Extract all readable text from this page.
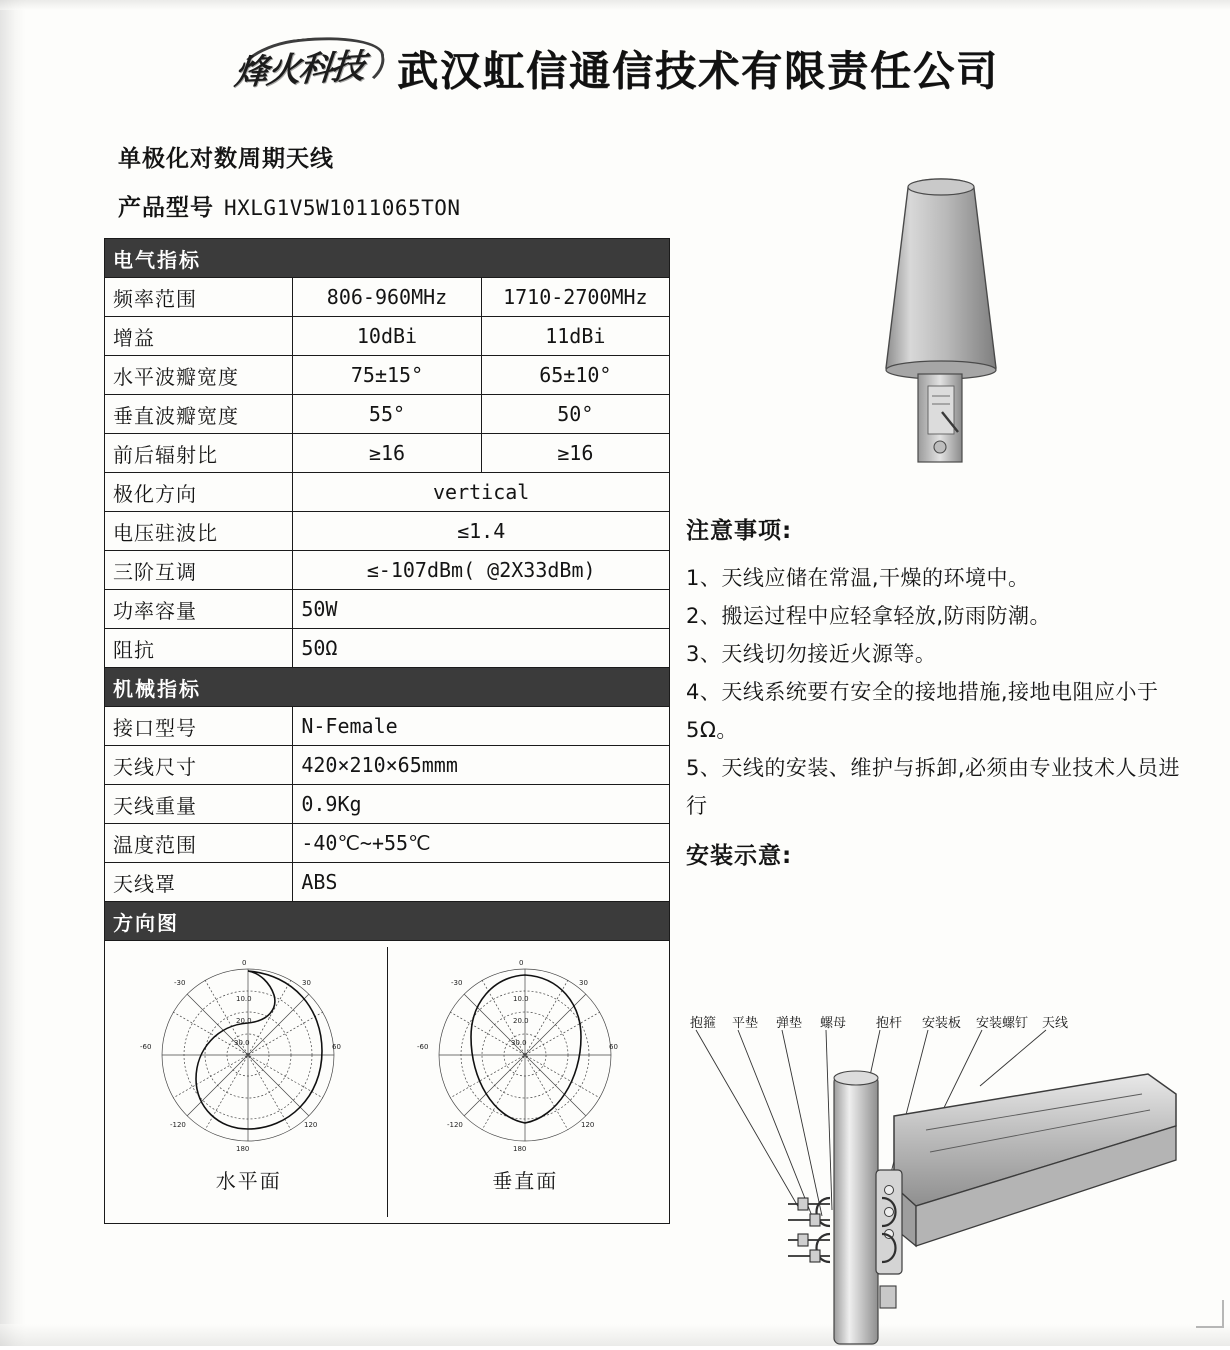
烽火科技 武汉虹信通信技术有限责任公司
单极化对数周期天线
产品型号 HXLG1V5W1011065TON
电气指标		
频率范围	806-960MHz	1710-2700MHz
增益	10dBi	11dBi
水平波瓣宽度	75±15°	65±10°
垂直波瓣宽度	55°	50°
前后辐射比	≥16	≥16
极化方向	vertical	
电压驻波比	≤1.4	
三阶互调	≤-107dBm( @2X33dBm)	
功率容量	50W	
阻抗	50Ω	
机械指标		
接口型号	N-Female	
天线尺寸	420×210×65mmm	
天线重量	0.9Kg	
温度范围	-40℃~+55℃	
天线罩	ABS	
方向图		

0
30
60
120
180
-120
-60
-30
10.0
20.0
30.0
水平面
0
30
60
120
180
-120
-60
-30
10.0
20.0
30.0
垂直面
注意事项:
1、天线应储在常温,干燥的环境中。
2、搬运过程中应轻拿轻放,防雨防潮。
3、天线切勿接近火源等。
4、天线系统要冇安全的接地措施,接地电阻应小于5Ω。
5、天线的安装、维护与拆卸,必须由专业技术人员进行
安装示意:
抱箍 平垫 弹垫 螺母 抱杆 安装板 安装螺钉 天线
